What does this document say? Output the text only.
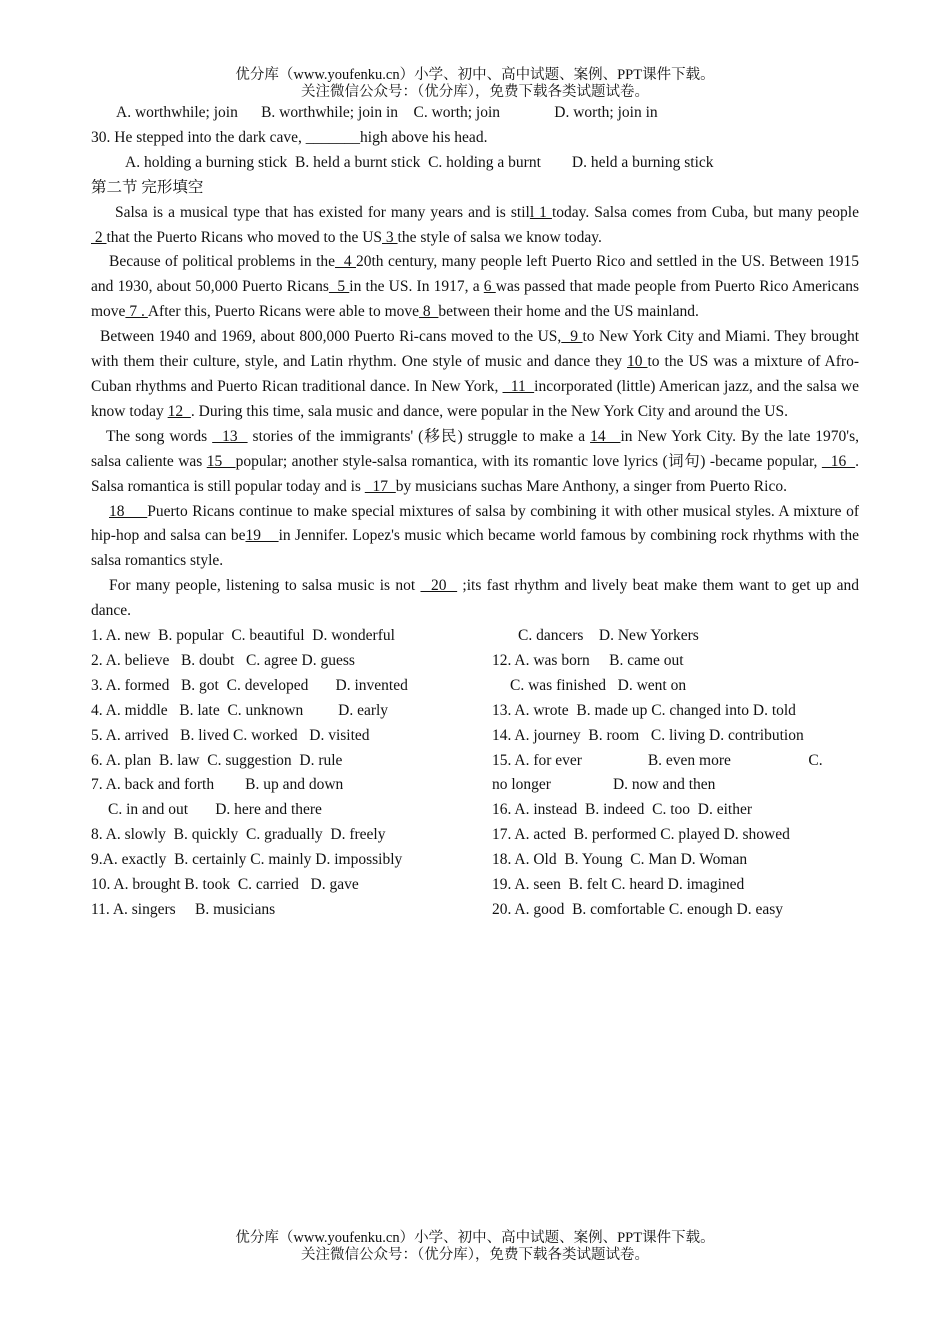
优分库（www.youfenku.cn）小学、初中、高中试题、案例、PPT课件下载。
关注微信公众号：（优分库），免费下载各类试题试卷。
A. worthwhile; join      B. worthwhile; join in    C. worth; join              D. worth; join in
30. He stepped into the dark cave, _______high above his head.
A. holding a burning stick  B. held a burnt stick  C. holding a burnt        D. held a burning stick
第二节 完形填空
Salsa is a musical type that has existed for many years and is still 1 today. Salsa comes from Cuba, but many people 2 that the Puerto Ricans who moved to the US 3 the style of salsa we know today.
Because of political problems in the  4 20th century, many people left Puerto Rico and settled in the US. Between 1915 and 1930, about 50,000 Puerto Ricans  5 in the US. In 1917, a 6 was passed that made people from Puerto Rico Americans move 7 . After this, Puerto Ricans were able to move 8  between their home and the US mainland.
Between 1940 and 1969, about 800,000 Puerto Ri-cans moved to the US,  9 to New York City and Miami. They brought with them their culture, style, and Latin rhythm. One style of music and dance they 10 to the US was a mixture of Afro-Cuban rhythms and Puerto Rican traditional dance. In New York,   11  incorporated (little) American jazz, and the salsa we know today 12  . During this time, sala music and dance, were popular in the New York City and around the US.
The song words   13   stories of the immigrants' (移民) struggle to make a 14   in New York City. By the late 1970's, salsa caliente was 15   popular; another style-salsa romantica, with its romantic love lyrics (词句) -became popular,   16  . Salsa romantica is still popular today and is   17  by musicians suchas Mare Anthony, a singer from Puerto Rico.
18     Puerto Ricans continue to make special mixtures of salsa by combining it with other musical styles. A mixture of hip-hop and salsa can be19    in Jennifer. Lopez's music which became world famous by combining rock rhythms with the salsa romantics style.
For many people, listening to salsa music is not   20   ;its fast rhythm and lively beat make them want to get up and dance.
1. A. new  B. popular  C. beautiful  D. wonderful
2. A. believe   B. doubt   C. agree D. guess
3. A. formed   B. got  C. developed       D. invented
4. A. middle   B. late  C. unknown         D. early
5. A. arrived   B. lived C. worked   D. visited
6. A. plan  B. law  C. suggestion  D. rule
7. A. back and forth        B. up and down
C. in and out       D. here and there
8. A. slowly  B. quickly  C. gradually  D. freely
9.A. exactly  B. certainly C. mainly D. impossibly
10. A. brought B. took  C. carried   D. gave
11. A. singers     B. musicians
C. dancers    D. New Yorkers
12. A. was born     B. came out
C. was finished   D. went on
13. A. wrote  B. made up C. changed into D. told
14. A. journey  B. room   C. living D. contribution
15. A. for ever                 B. even more                    C.
no longer                D. now and then
16. A. instead  B. indeed  C. too  D. either
17. A. acted  B. performed C. played D. showed
18. A. Old  B. Young  C. Man D. Woman
19. A. seen  B. felt C. heard D. imagined
20. A. good  B. comfortable C. enough D. easy
优分库（www.youfenku.cn）小学、初中、高中试题、案例、PPT课件下载。
关注微信公众号：（优分库），免费下载各类试题试卷。
